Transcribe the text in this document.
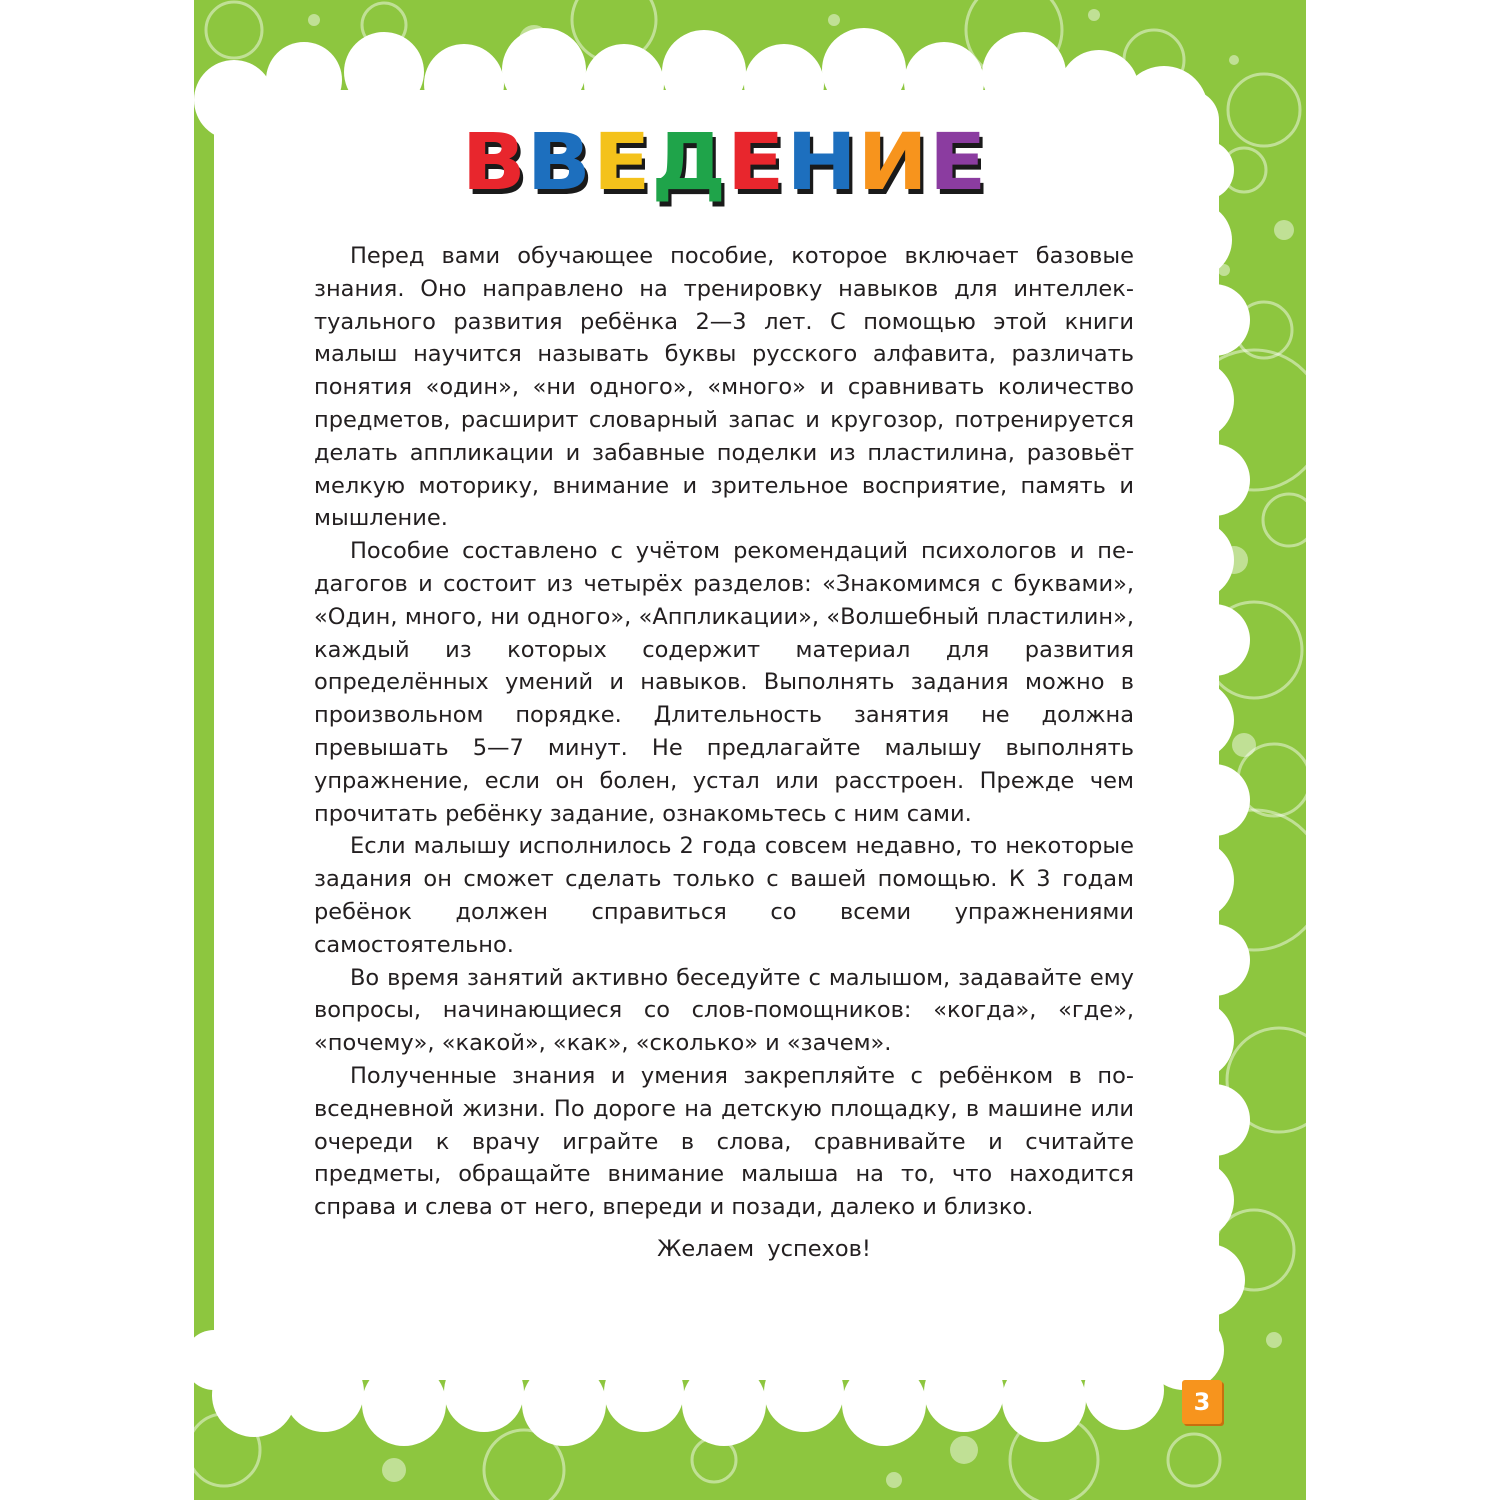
В В Е Д Е Н И Е

Перед вами обучающее пособие, которое включает базовые знания. Оно направлено на тренировку навыков для интеллектуального развития ребёнка 2—3 лет. С помощью этой книги малыш научится называть буквы русского алфавита, различать понятия «один», «ни одного», «много» и сравнивать количество предметов, расширит словарный запас и кругозор, потренируется делать аппликации и забавные поделки из пластилина, разовьёт мелкую моторику, внимание и зрительное восприятие, память и мышление.

Пособие составлено с учётом рекомендаций психологов и педагогов и состоит из четырёх разделов: «Знакомимся с буквами», «Один, много, ни одного», «Аппликации», «Волшебный пластилин», каждый из которых содержит материал для развития определённых умений и навыков. Выполнять задания можно в произвольном порядке. Длительность занятия не должна превышать 5—7 минут. Не предлагайте малышу выполнять упражнение, если он болен, устал или расстроен. Прежде чем прочитать ребёнку задание, ознакомьтесь с ним сами.

Если малышу исполнилось 2 года совсем недавно, то некоторые задания он сможет сделать только с вашей помощью. К 3 годам ребёнок должен справиться со всеми упражнениями самостоятельно.

Во время занятий активно беседуйте с малышом, задавайте ему вопросы, начинающиеся со слов-помощников: «когда», «где», «почему», «какой», «как», «сколько» и «зачем».

Полученные знания и умения закрепляйте с ребёнком в повседневной жизни. По дороге на детскую площадку, в машине или очереди к врачу играйте в слова, сравнивайте и считайте предметы, обращайте внимание малыша на то, что находится справа и слева от него, впереди и позади, далеко и близко.

Желаем успехов!
3
